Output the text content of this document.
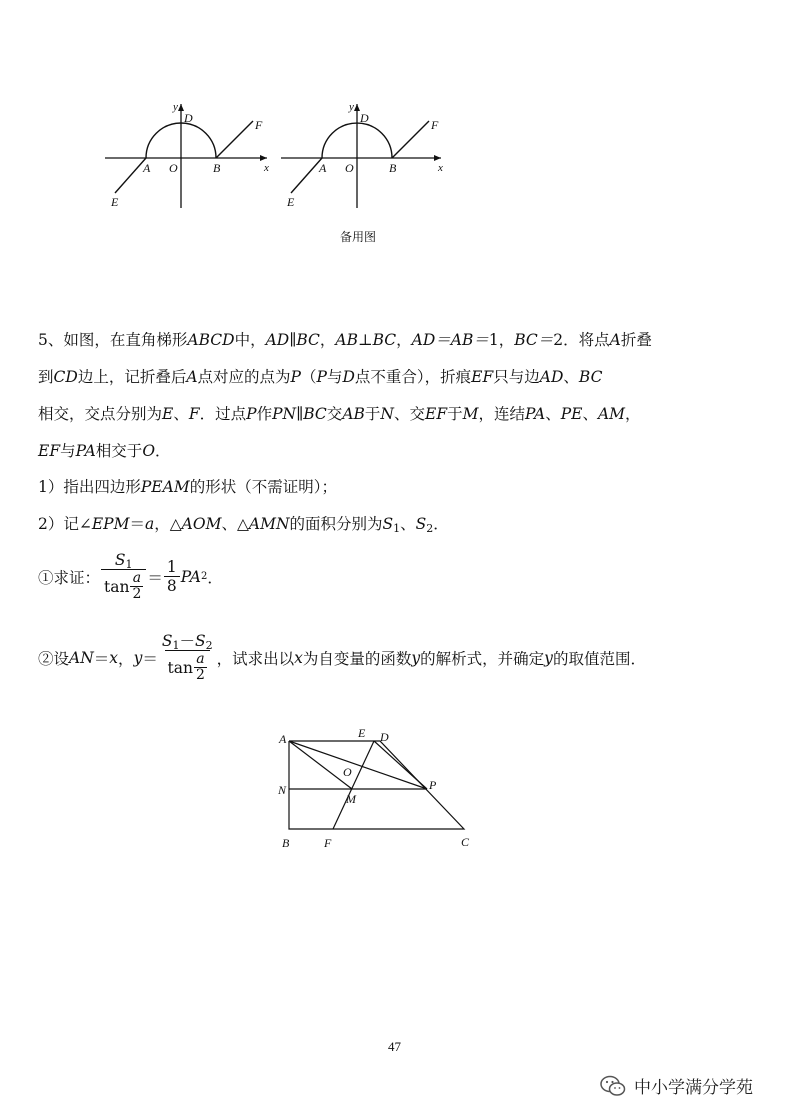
y
x
D
A O	B
E
F
y
x
D
A O	B
E
F
备用图
5、如图，在直角梯形ABCD中，AD∥BC，AB⊥BC，AD＝AB＝1，BC＝2．将点A折叠
到CD边上，记折叠后A点对应的点为P（P与D点不重合），折痕EF只与边AD、BC
相交，交点分别为E、F．过点P作PN∥BC交AB于N、交EF于M，连结PA、PE、AM，
EF与PA相交于O．
1）指出四边形PEAM的形状（不需证明）；
2）记∠EPM＝a，△AOM、△AMN的面积分别为$S_1$、$S_2$．
①求证： $S_1$
tan a
$2 = \frac{1}{8}$ PA 2 ．
②设 AN ＝ x ， $y = S_1-S_2$
tan a
2 ，试求出以 x 为自变量的函数 y 的解析式，并确定 y 的取值范围．
A	E D
O
N
M
P
B	F	C
47
中小学满分学苑
